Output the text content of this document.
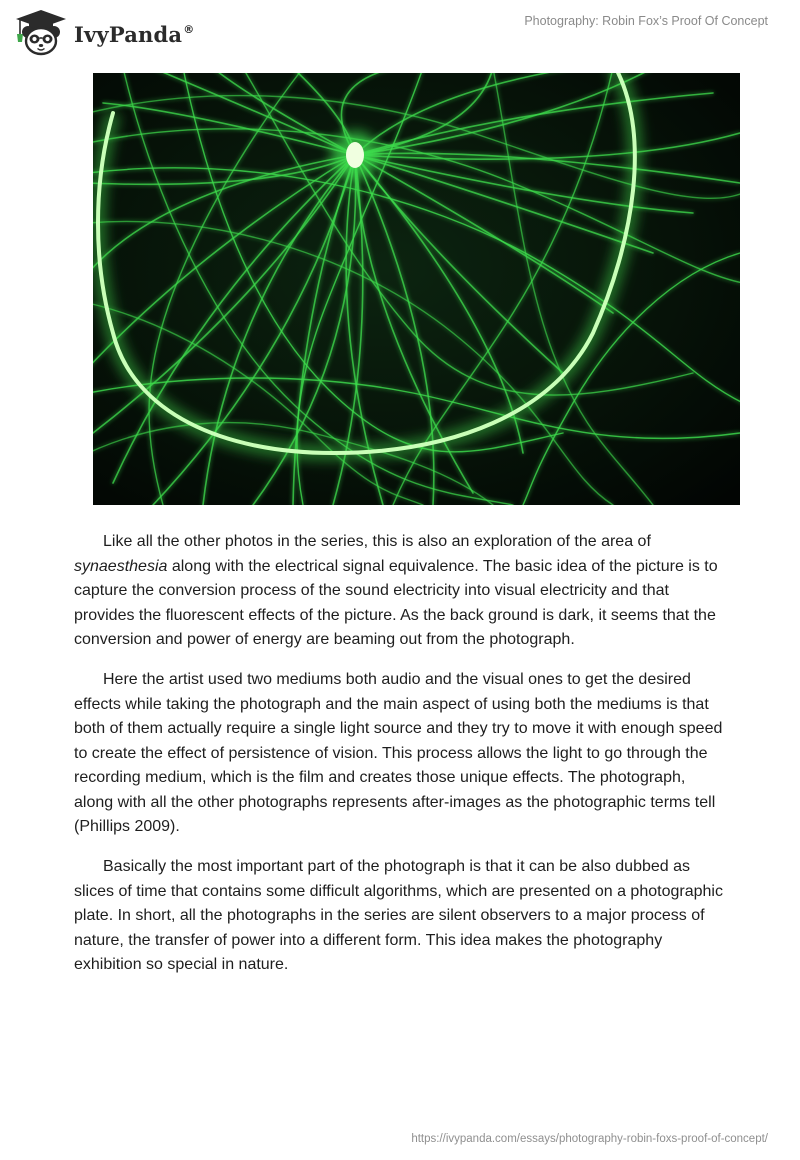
IvyPanda®
Photography: Robin Fox’s Proof Of Concept

Like all the other photos in the series, this is also an exploration of the area of synaesthesia along with the electrical signal equivalence. The basic idea of the picture is to capture the conversion process of the sound electricity into visual electricity and that provides the fluorescent effects of the picture. As the back ground is dark, it seems that the conversion and power of energy are beaming out from the photograph.

Here the artist used two mediums both audio and the visual ones to get the desired effects while taking the photograph and the main aspect of using both the mediums is that both of them actually require a single light source and they try to move it with enough speed to create the effect of persistence of vision. This process allows the light to go through the recording medium, which is the film and creates those unique effects. The photograph, along with all the other photographs represents after-images as the photographic terms tell (Phillips 2009).

Basically the most important part of the photograph is that it can be also dubbed as slices of time that contains some difficult algorithms, which are presented on a photographic plate. In short, all the photographs in the series are silent observers to a major process of nature, the transfer of power into a different form. This idea makes the photography exhibition so special in nature.

https://ivypanda.com/essays/photography-robin-foxs-proof-of-concept/
